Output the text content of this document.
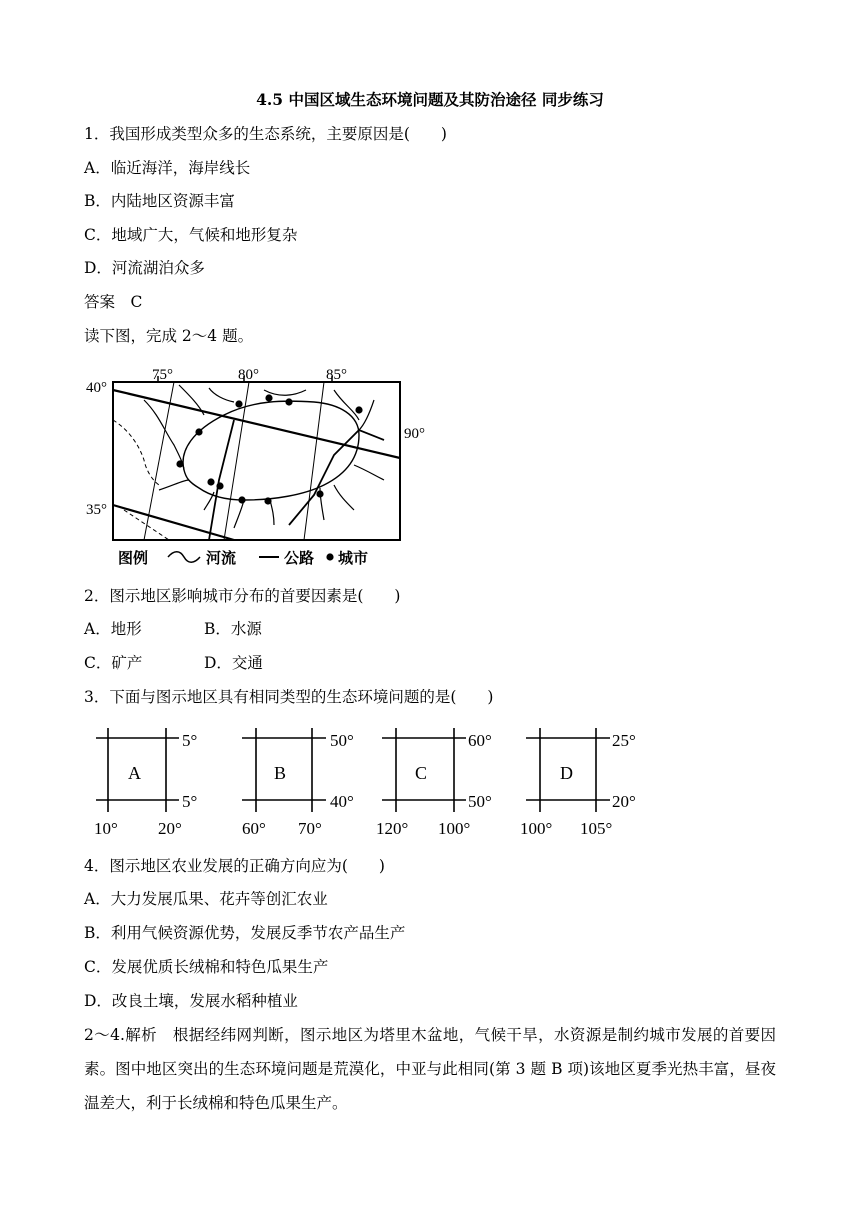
4.5 中国区域生态环境问题及其防治途径 同步练习
1．我国形成类型众多的生态系统，主要原因是(　　)
A．临近海洋，海岸线长
B．内陆地区资源丰富
C．地域广大，气候和地形复杂
D．河流湖泊众多
答案　C
读下图，完成 2～4 题。
75°	80°	85°
40°
35°
90°
图例	河流	公路 城市
2．图示地区影响城市分布的首要因素是(　　)
A．地形	B．水源
C．矿产	D．交通
3．下面与图示地区具有相同类型的生态环境问题的是(　　)
A
5°
5°
10° 20°
B
50°
40°
60° 70°
C
60°
50°
120° 100°
D
25°
20°
100° 105°
4．图示地区农业发展的正确方向应为(　　)
A．大力发展瓜果、花卉等创汇农业
B．利用气候资源优势，发展反季节农产品生产
C．发展优质长绒棉和特色瓜果生产
D．改良土壤，发展水稻种植业
2～4.解析　根据经纬网判断，图示地区为塔里木盆地，气候干旱，水资源是制约城市发展的首要因素。图中地区突出的生态环境问题是荒漠化，中亚与此相同(第 3 题 B 项)该地区夏季光热丰富，昼夜温差大，利于长绒棉和特色瓜果生产。
